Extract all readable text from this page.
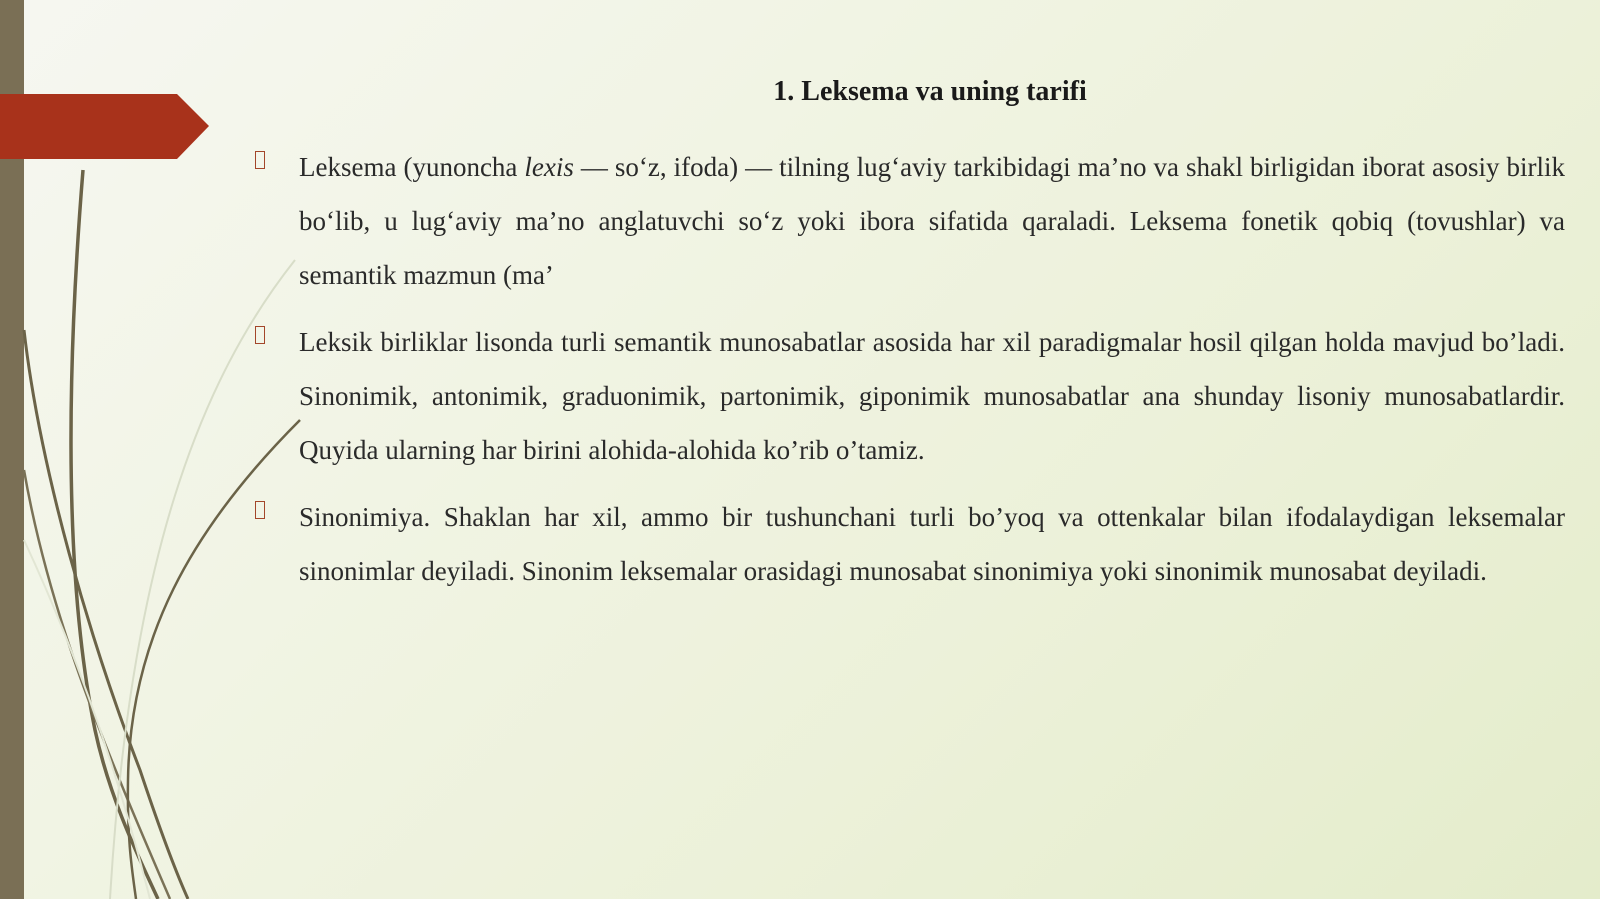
1. Leksema va uning tarifi
Leksema (yunoncha lexis — so‘z, ifoda) — tilning lug‘aviy tarkibidagi ma’no va shakl birligidan iborat asosiy birlik bo‘lib, u lug‘aviy ma’no anglatuvchi so‘z yoki ibora sifatida qaraladi. Leksema fonetik qobiq (tovushlar) va semantik mazmun (ma’
Leksik birliklar lisonda turli semantik munosabatlar asosida har xil paradigmalar hosil qilgan holda mavjud bo’ladi. Sinonimik, antonimik, graduonimik, partonimik, giponimik munosabatlar ana shunday lisoniy munosabatlardir. Quyida ularning har birini alohida-alohida ko’rib o’tamiz.
Sinonimiya. Shaklan har xil, ammo bir tushunchani turli bo’yoq va ottenkalar bilan ifodalaydigan leksemalar sinonimlar deyiladi. Sinonim leksemalar orasidagi munosabat sinonimiya yoki sinonimik munosabat deyiladi.
